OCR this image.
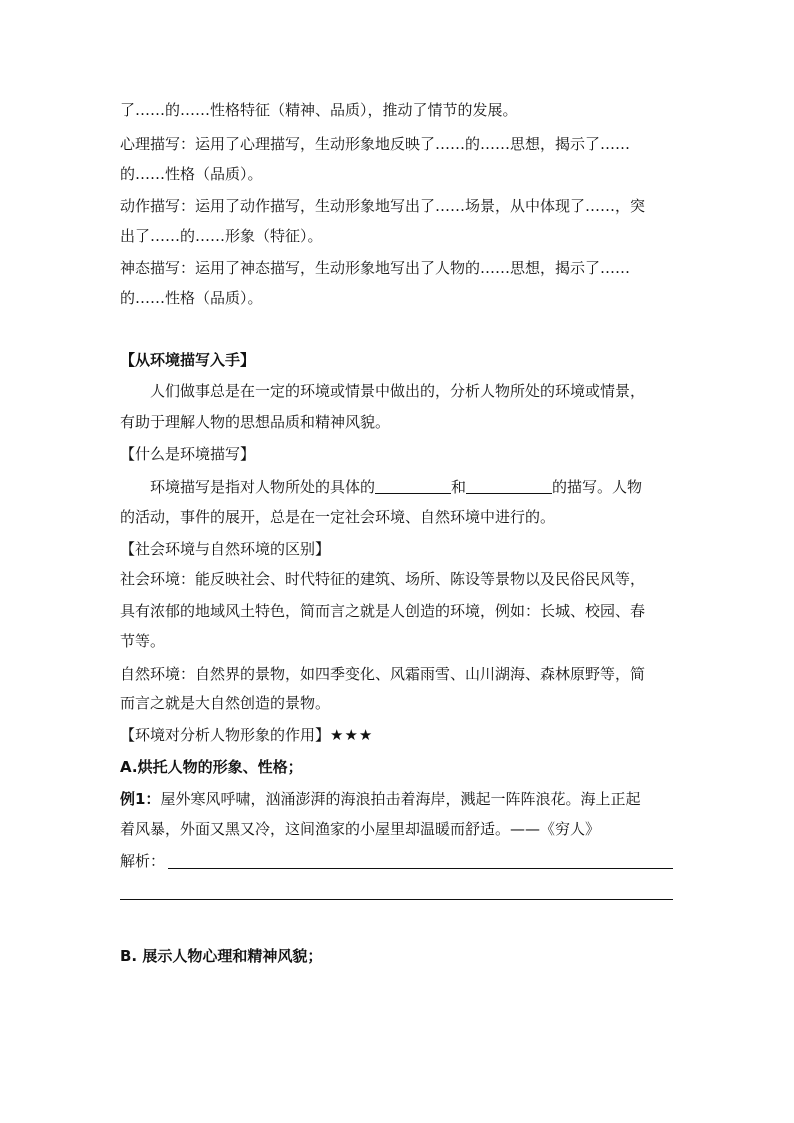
了……的……性格特征（精神、品质），推动了情节的发展。
心理描写：运用了心理描写，生动形象地反映了……的……思想，揭示了……
的……性格（品质）。
动作描写：运用了动作描写，生动形象地写出了……场景，从中体现了……，突
出了……的……形象（特征）。
神态描写：运用了神态描写，生动形象地写出了人物的……思想，揭示了……
的……性格（品质）。
【从环境描写入手】
人们做事总是在一定的环境或情景中做出的，分析人物所处的环境或情景，
有助于理解人物的思想品质和精神风貌。
【什么是环境描写】
环境描写是指对人物所处的具体的	和	的描写。人物
的活动，事件的展开，总是在一定社会环境、自然环境中进行的。
【社会环境与自然环境的区别】
社会环境：能反映社会、时代特征的建筑、场所、陈设等景物以及民俗民风等，
具有浓郁的地域风土特色，简而言之就是人创造的环境，例如：长城、校园、春
节等。
自然环境：自然界的景物，如四季变化、风霜雨雪、山川湖海、森林原野等，简
而言之就是大自然创造的景物。
【环境对分析人物形象的作用】★★★
A.烘托人物的形象、性格；
例1：屋外寒风呼啸，汹涌澎湃的海浪拍击着海岸，溅起一阵阵浪花。海上正起
着风暴，外面又黑又冷，这间渔家的小屋里却温暖而舒适。——《穷人》
解析：
B. 展示人物心理和精神风貌；
